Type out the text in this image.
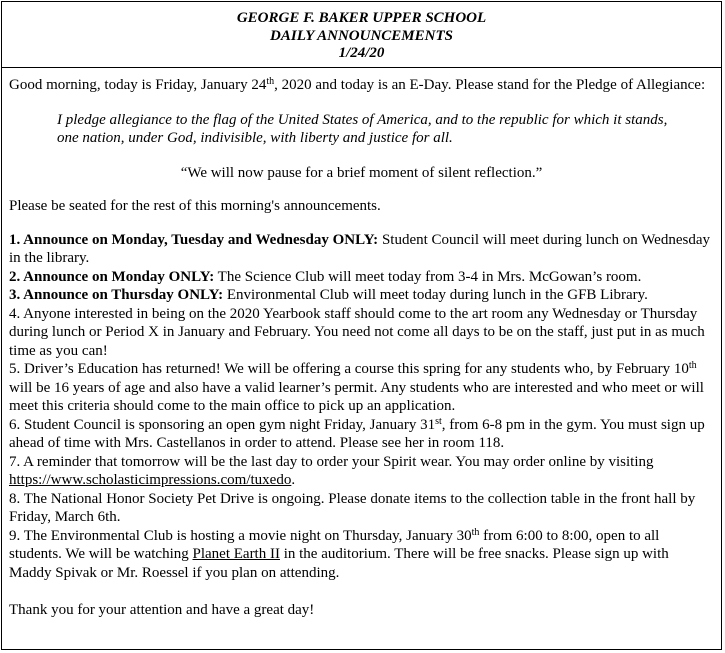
GEORGE F. BAKER UPPER SCHOOL
DAILY ANNOUNCEMENTS
1/24/20

Good morning, today is Friday, January 24th, 2020 and today is an E-Day. Please stand for the Pledge of Allegiance:

I pledge allegiance to the flag of the United States of America, and to the republic for which it stands, one nation, under God, indivisible, with liberty and justice for all.

“We will now pause for a brief moment of silent reflection.”

Please be seated for the rest of this morning's announcements.

1. Announce on Monday, Tuesday and Wednesday ONLY: Student Council will meet during lunch on Wednesday in the library.

2. Announce on Monday ONLY: The Science Club will meet today from 3-4 in Mrs. McGowan’s room.

3. Announce on Thursday ONLY: Environmental Club will meet today during lunch in the GFB Library.

4. Anyone interested in being on the 2020 Yearbook staff should come to the art room any Wednesday or Thursday during lunch or Period X in January and February. You need not come all days to be on the staff, just put in as much time as you can!

5. Driver’s Education has returned! We will be offering a course this spring for any students who, by February 10th will be 16 years of age and also have a valid learner’s permit. Any students who are interested and who meet or will meet this criteria should come to the main office to pick up an application.

6. Student Council is sponsoring an open gym night Friday, January 31st, from 6-8 pm in the gym. You must sign up ahead of time with Mrs. Castellanos in order to attend. Please see her in room 118.

7. A reminder that tomorrow will be the last day to order your Spirit wear. You may order online by visiting https://www.scholasticimpressions.com/tuxedo.

8. The National Honor Society Pet Drive is ongoing. Please donate items to the collection table in the front hall by Friday, March 6th.

9. The Environmental Club is hosting a movie night on Thursday, January 30th from 6:00 to 8:00, open to all students. We will be watching Planet Earth II in the auditorium. There will be free snacks. Please sign up with Maddy Spivak or Mr. Roessel if you plan on attending.

Thank you for your attention and have a great day!
